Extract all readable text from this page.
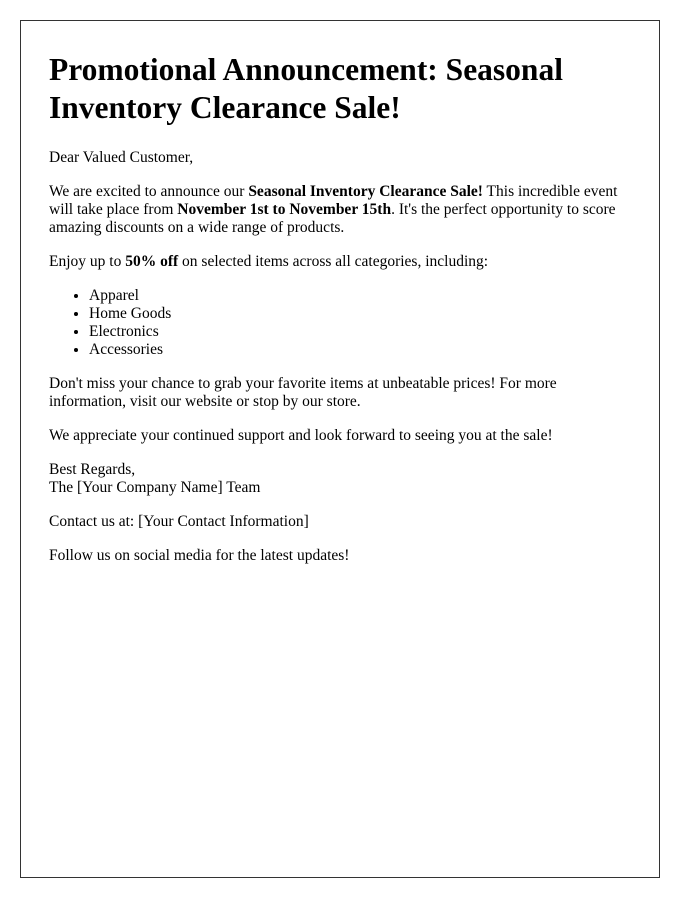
Promotional Announcement: Seasonal Inventory Clearance Sale!

Dear Valued Customer,

We are excited to announce our Seasonal Inventory Clearance Sale! This incredible event will take place from November 1st to November 15th. It's the perfect opportunity to score amazing discounts on a wide range of products.

Enjoy up to 50% off on selected items across all categories, including:

• Apparel
• Home Goods
• Electronics
• Accessories

Don't miss your chance to grab your favorite items at unbeatable prices! For more information, visit our website or stop by our store.

We appreciate your continued support and look forward to seeing you at the sale!

Best Regards,
The [Your Company Name] Team

Contact us at: [Your Contact Information]

Follow us on social media for the latest updates!
